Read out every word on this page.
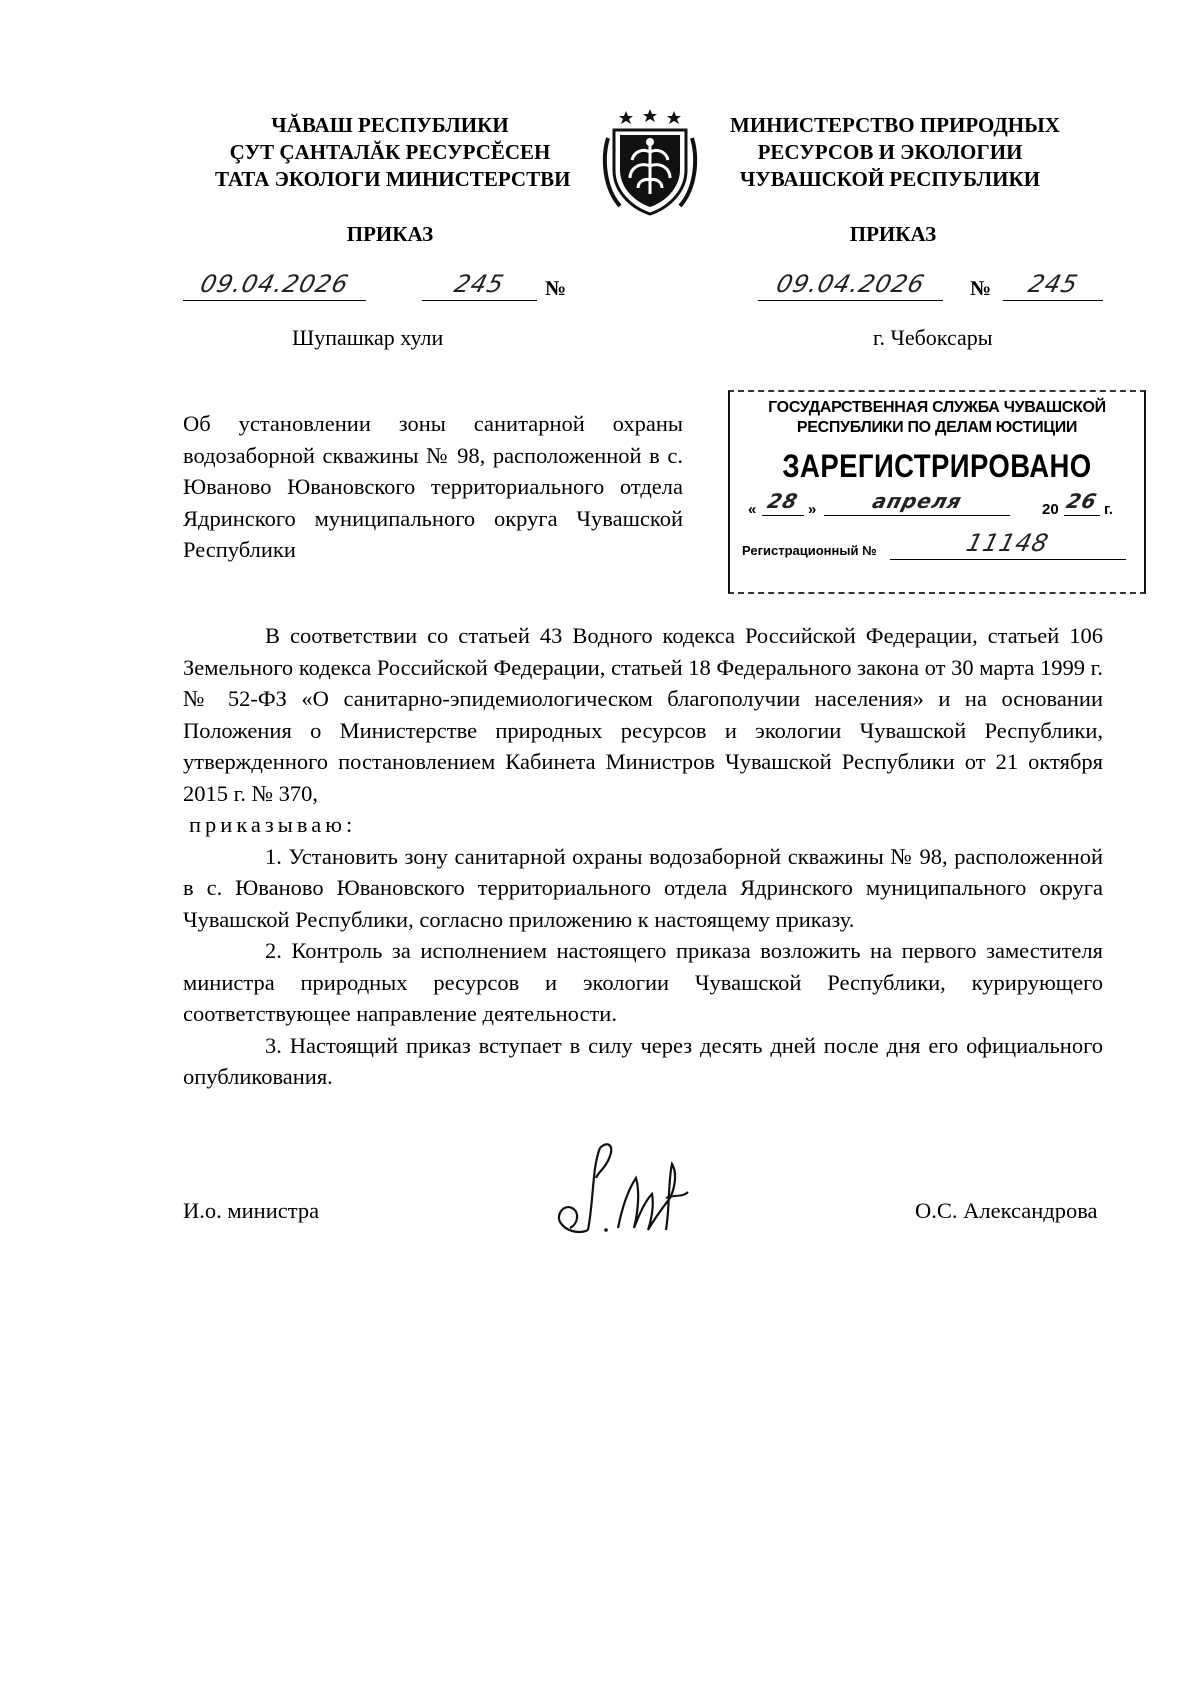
ЧĂВАШ РЕСПУБЛИКИ
ÇУТ ÇАНТАЛĂК РЕСУРСĔСЕН
ТАТА ЭКОЛОГИ МИНИСТЕРСТВИ
МИНИСТЕРСТВО ПРИРОДНЫХ
РЕСУРСОВ И ЭКОЛОГИИ
ЧУВАШСКОЙ РЕСПУБЛИКИ
ПРИКАЗ	ПРИКАЗ
09.04.2026	245	№	09.04.2026	№	245
Шупашкар хули	г. Чебоксары
Об установлении зоны санитарной охраны водозаборной скважины № 98, расположенной в с. Юваново Ювановского территориального отдела Ядринского муниципального округа Чувашской Республики
ГОСУДАРСТВЕННАЯ СЛУЖБА ЧУВАШСКОЙ
РЕСПУБЛИКИ ПО ДЕЛАМ ЮСТИЦИИ
ЗАРЕГИСТРИРОВАНО
« 28 »	апреля	20 26 г.
Регистрационный №	11148

В соответствии со статьей 43 Водного кодекса Российской Федерации, статьей 106 Земельного кодекса Российской Федерации, статьей 18 Федерального закона от 30 марта 1999 г. № 52-ФЗ «О санитарно-эпидемиологическом благополучии населения» и на основании Положения о Министерстве природных ресурсов и экологии Чувашской Республики, утвержденного постановлением Кабинета Министров Чувашской Республики от 21 октября 2015 г. № 370,

приказываю:

1. Установить зону санитарной охраны водозаборной скважины № 98, расположенной в с. Юваново Ювановского территориального отдела Ядринского муниципального округа Чувашской Республики, согласно приложению к настоящему приказу.

2. Контроль за исполнением настоящего приказа возложить на первого заместителя министра природных ресурсов и экологии Чувашской Республики, курирующего соответствующее направление деятельности.

3. Настоящий приказ вступает в силу через десять дней после дня его официального опубликования.

И.о. министра	О.С. Александрова
